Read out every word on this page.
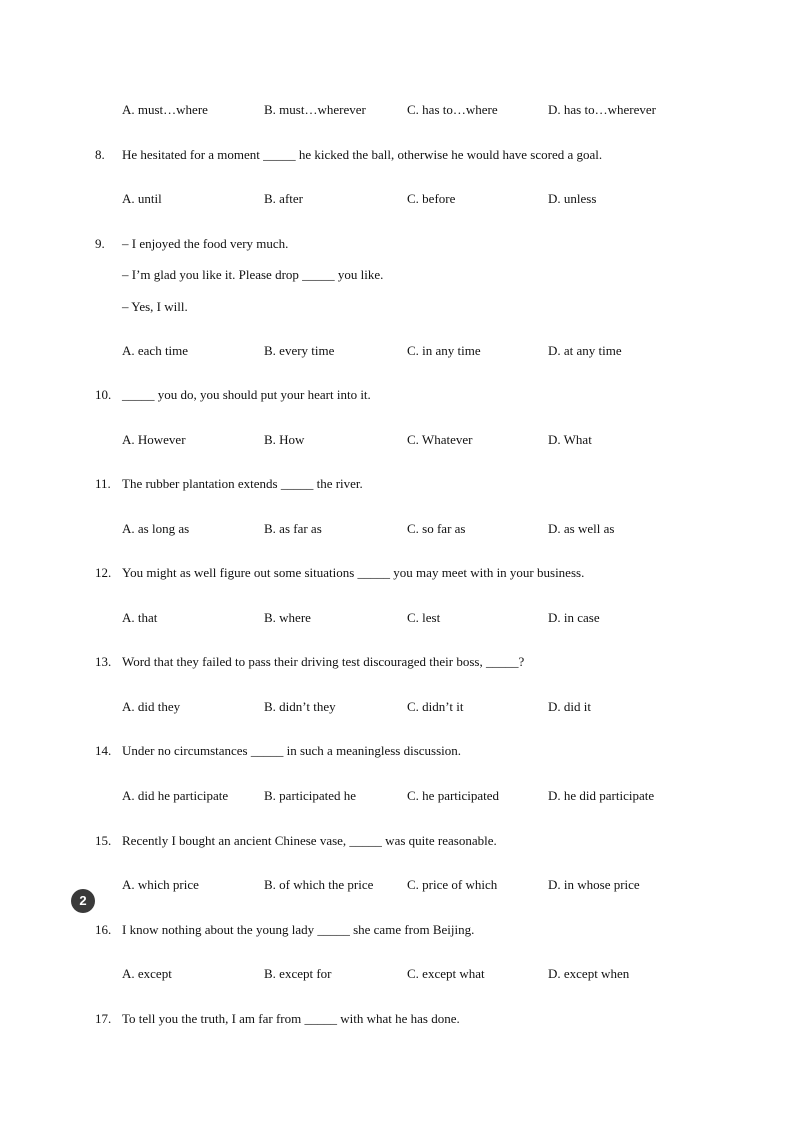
A. must…where	B. must…wherever	C. has to…where	D. has to…wherever
8. He hesitated for a moment _____ he kicked the ball, otherwise he would have scored a goal.
A. until	B. after	C. before	D. unless
9. – I enjoyed the food very much.
– I’m glad you like it. Please drop _____ you like.
– Yes, I will.
A. each time	B. every time	C. in any time	D. at any time
10. _____ you do, you should put your heart into it.
A. However	B. How	C. Whatever	D. What
11. The rubber plantation extends _____ the river.
A. as long as	B. as far as	C. so far as	D. as well as
12. You might as well figure out some situations _____ you may meet with in your business.
A. that	B. where	C. lest	D. in case
13. Word that they failed to pass their driving test discouraged their boss, _____?
A. did they	B. didn’t they	C. didn’t it	D. did it
14. Under no circumstances _____ in such a meaningless discussion.
A. did he participate	B. participated he	C. he participated	D. he did participate
15. Recently I bought an ancient Chinese vase, _____ was quite reasonable.
A. which price	B. of which the price	C. price of which	D. in whose price
2
16. I know nothing about the young lady _____ she came from Beijing.
A. except	B. except for	C. except what	D. except when
17. To tell you the truth, I am far from _____ with what he has done.
